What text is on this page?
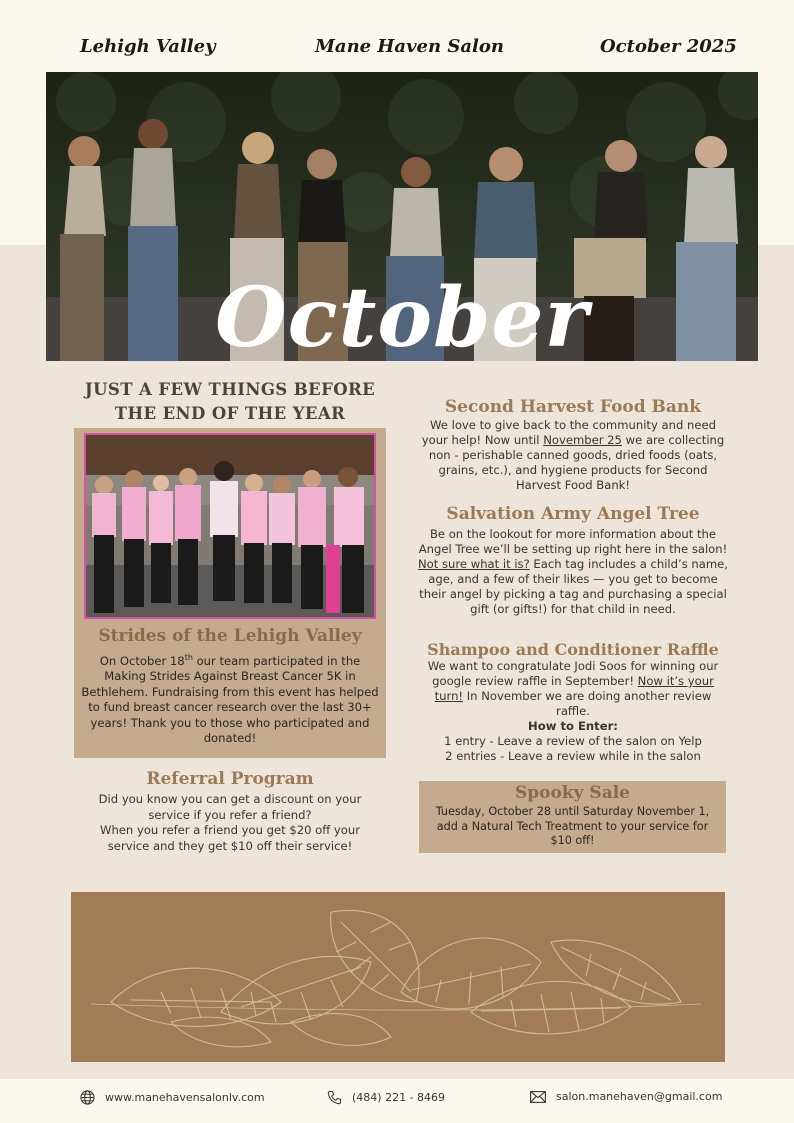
Lehigh Valley	Mane Haven Salon	October 2025
October
JUST A FEW THINGS BEFORE
THE END OF THE YEAR
Strides of the Lehigh Valley
On October 18th our team participated in the Making Strides Against Breast Cancer 5K in Bethlehem. Fundraising from this event has helped to fund breast cancer research over the last 30+ years! Thank you to those who participated and donated!
Referral Program
Did you know you can get a discount on your service if you refer a friend?
When you refer a friend you get $20 off your service and they get $10 off their service!
Second Harvest Food Bank
We love to give back to the community and need your help! Now until November 25 we are collecting non - perishable canned goods, dried foods (oats, grains, etc.), and hygiene products for Second Harvest Food Bank!
Salvation Army Angel Tree
Be on the lookout for more information about the Angel Tree we’ll be setting up right here in the salon! Not sure what it is? Each tag includes a child’s name, age, and a few of their likes — you get to become their angel by picking a tag and purchasing a special gift (or gifts!) for that child in need.
Shampoo and Conditioner Raffle
We want to congratulate Jodi Soos for winning our google review raffle in September! Now it’s your turn! In November we are doing another review raffle.
How to Enter:
1 entry - Leave a review of the salon on Yelp
2 entries - Leave a review while in the salon
Spooky Sale
Tuesday, October 28 until Saturday November 1, add a Natural Tech Treatment to your service for $10 off!
www.manehavensalonlv.com	(484) 221 - 8469	salon.manehaven@gmail.com
